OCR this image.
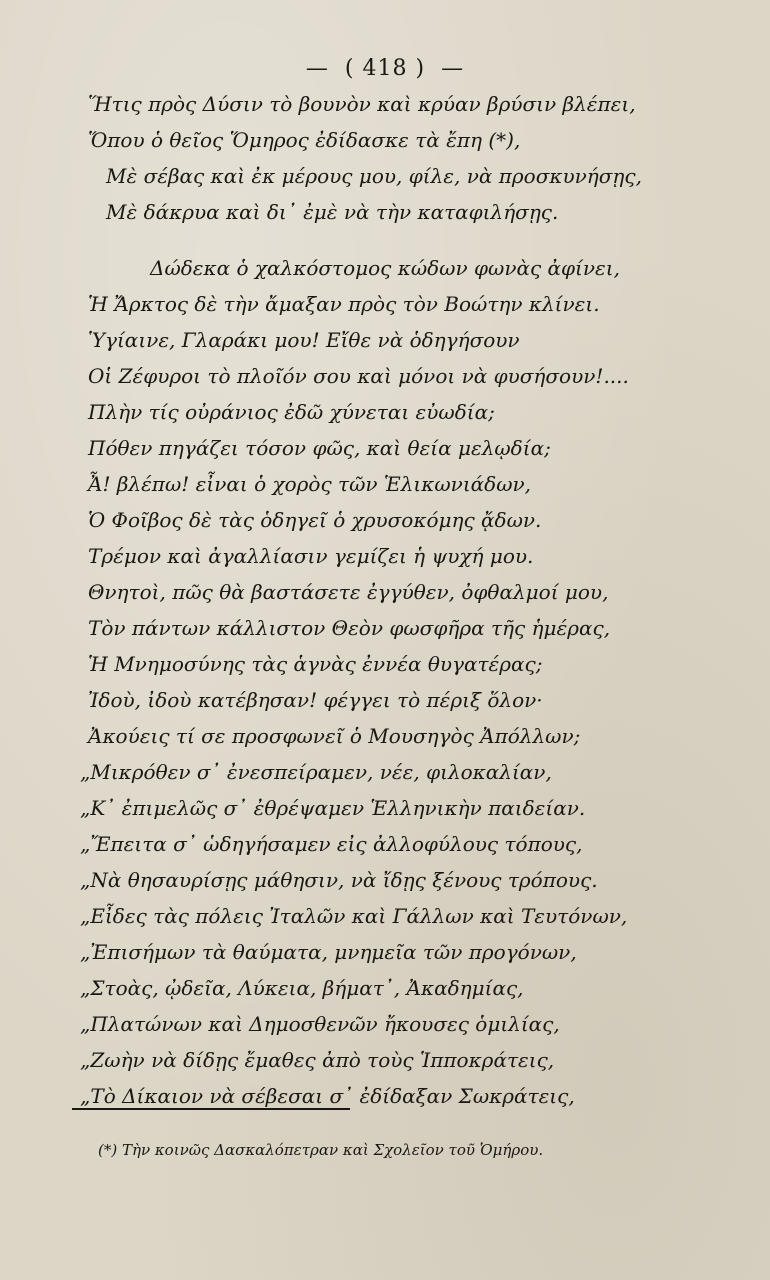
— ( 418 ) —
Ἥτις πρὸς Δύσιν τὸ βουνὸν καὶ κρύαν βρύσιν βλέπει,
Ὅπου ὁ θεῖος Ὅμηρος ἐδίδασκε τὰ ἔπη (*),
Μὲ σέβας καὶ ἐκ μέρους μου, φίλε, νὰ προσκυνήσῃς,
Μὲ δάκρυα καὶ δι᾽ ἐμὲ νὰ τὴν καταφιλήσῃς.
Δώδεκα ὁ χαλκόστομος κώδων φωνὰς ἀφίνει,
Ἡ Ἄρκτος δὲ τὴν ἄμαξαν πρὸς τὸν Βοώτην κλίνει.
Ὑγίαινε, Γλαράκι μου! Εἴθε νὰ ὁδηγήσουν
Οἱ Ζέφυροι τὸ πλοῖόν σου καὶ μόνοι νὰ φυσήσουν!....
Πλὴν τίς οὐράνιος ἐδῶ χύνεται εὐωδία;
Πόθεν πηγάζει τόσον φῶς, καὶ θεία μελῳδία;
Ἆ! βλέπω! εἶναι ὁ χορὸς τῶν Ἑλικωνιάδων,
Ὁ Φοῖβος δὲ τὰς ὁδηγεῖ ὁ χρυσοκόμης ᾄδων.
Τρέμον καὶ ἀγαλλίασιν γεμίζει ἡ ψυχή μου.
Θνητοὶ, πῶς θὰ βαστάσετε ἐγγύθεν, ὀφθαλμοί μου,
Τὸν πάντων κάλλιστον Θεὸν φωσφῆρα τῆς ἡμέρας,
Ἡ Μνημοσύνης τὰς ἁγνὰς ἐννέα θυγατέρας;
Ἰδοὺ, ἰδοὺ κατέβησαν! φέγγει τὸ πέριξ ὅλον·
Ἀκούεις τί σε προσφωνεῖ ὁ Μουσηγὸς Ἀπόλλων;
„Μικρόθεν σ᾽ ἐνεσπείραμεν, νέε, φιλοκαλίαν,
„Κ᾽ ἐπιμελῶς σ᾽ ἐθρέψαμεν Ἑλληνικὴν παιδείαν.
„Ἔπειτα σ᾽ ὡδηγήσαμεν εἰς ἀλλοφύλους τόπους,
„Νὰ θησαυρίσῃς μάθησιν, νὰ ἴδῃς ξένους τρόπους.
„Εἶδες τὰς πόλεις Ἰταλῶν καὶ Γάλλων καὶ Τευτόνων,
„Ἐπισήμων τὰ θαύματα, μνημεῖα τῶν προγόνων,
„Στοὰς, ᾠδεῖα, Λύκεια, βήματ᾽, Ἀκαδημίας,
„Πλατώνων καὶ Δημοσθενῶν ἤκουσες ὁμιλίας,
„Ζωὴν νὰ δίδῃς ἔμαθες ἀπὸ τοὺς Ἱπποκράτεις,
„Τὸ Δίκαιον νὰ σέβεσαι σ᾽ ἐδίδαξαν Σωκράτεις,
(*) Τὴν κοινῶς Δασκαλόπετραν καὶ Σχολεῖον τοῦ Ὁμήρου.
